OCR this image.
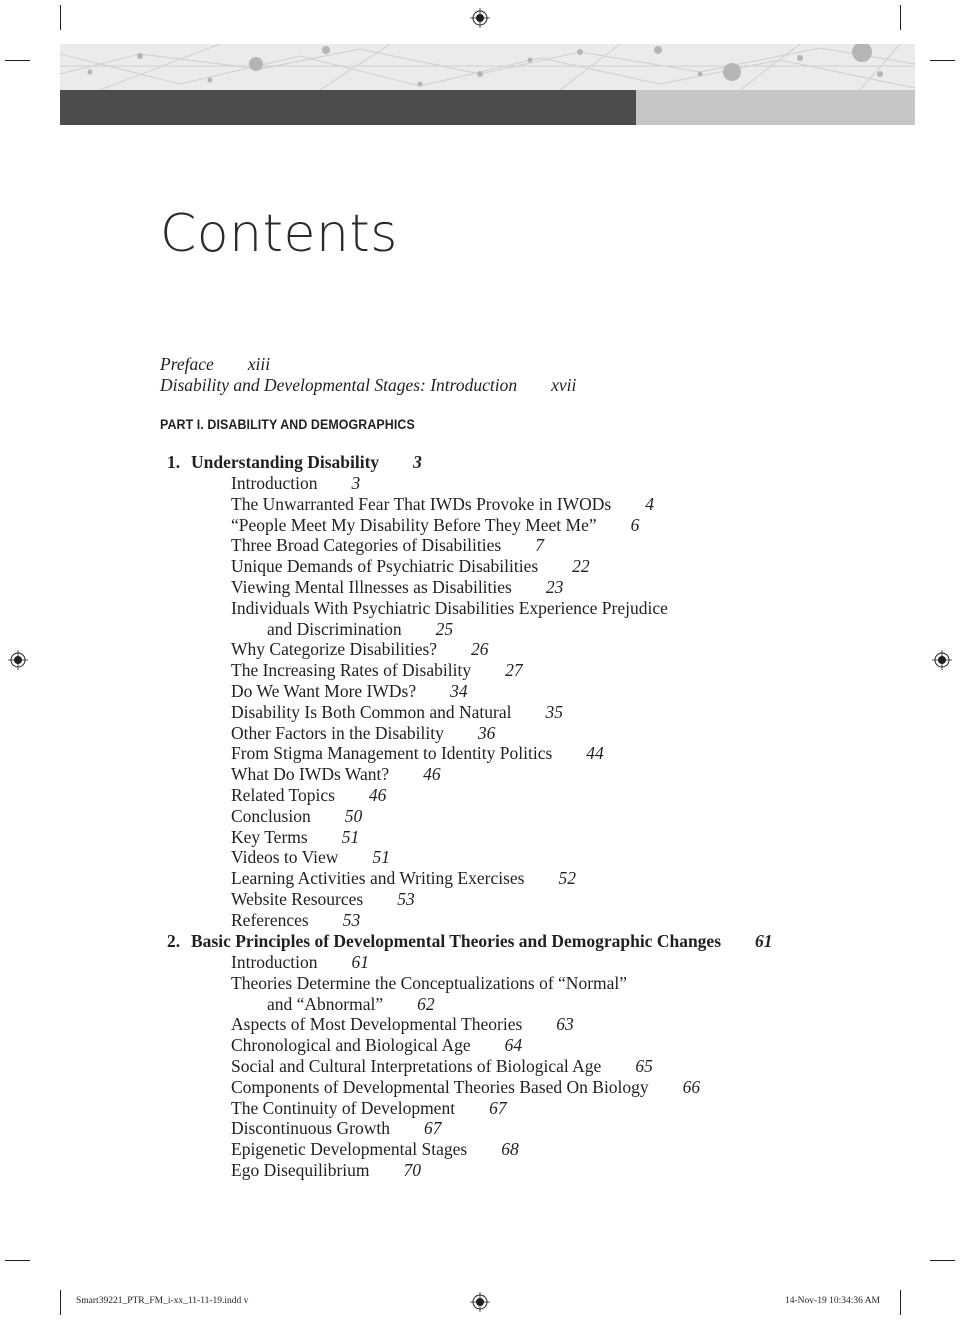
Contents
Preface xiii
Disability and Developmental Stages: Introduction xvii
PART I. DISABILITY AND DEMOGRAPHICS
1. Understanding Disability 3
Introduction 3
The Unwarranted Fear That IWDs Provoke in IWODs 4
“People Meet My Disability Before They Meet Me” 6
Three Broad Categories of Disabilities 7
Unique Demands of Psychiatric Disabilities 22
Viewing Mental Illnesses as Disabilities 23
Individuals With Psychiatric Disabilities Experience Prejudice
and Discrimination 25
Why Categorize Disabilities? 26
The Increasing Rates of Disability 27
Do We Want More IWDs? 34
Disability Is Both Common and Natural 35
Other Factors in the Disability 36
From Stigma Management to Identity Politics 44
What Do IWDs Want? 46
Related Topics 46
Conclusion 50
Key Terms 51
Videos to View 51
Learning Activities and Writing Exercises 52
Website Resources 53
References 53
2. Basic Principles of Developmental Theories and Demographic Changes 61
Introduction 61
Theories Determine the Conceptualizations of “Normal”
and “Abnormal” 62
Aspects of Most Developmental Theories 63
Chronological and Biological Age 64
Social and Cultural Interpretations of Biological Age 65
Components of Developmental Theories Based On Biology 66
The Continuity of Development 67
Discontinuous Growth 67
Epigenetic Developmental Stages 68
Ego Disequilibrium 70
Smart39221_PTR_FM_i-xx_11-11-19.indd v	14-Nov-19 10:34:36 AM
